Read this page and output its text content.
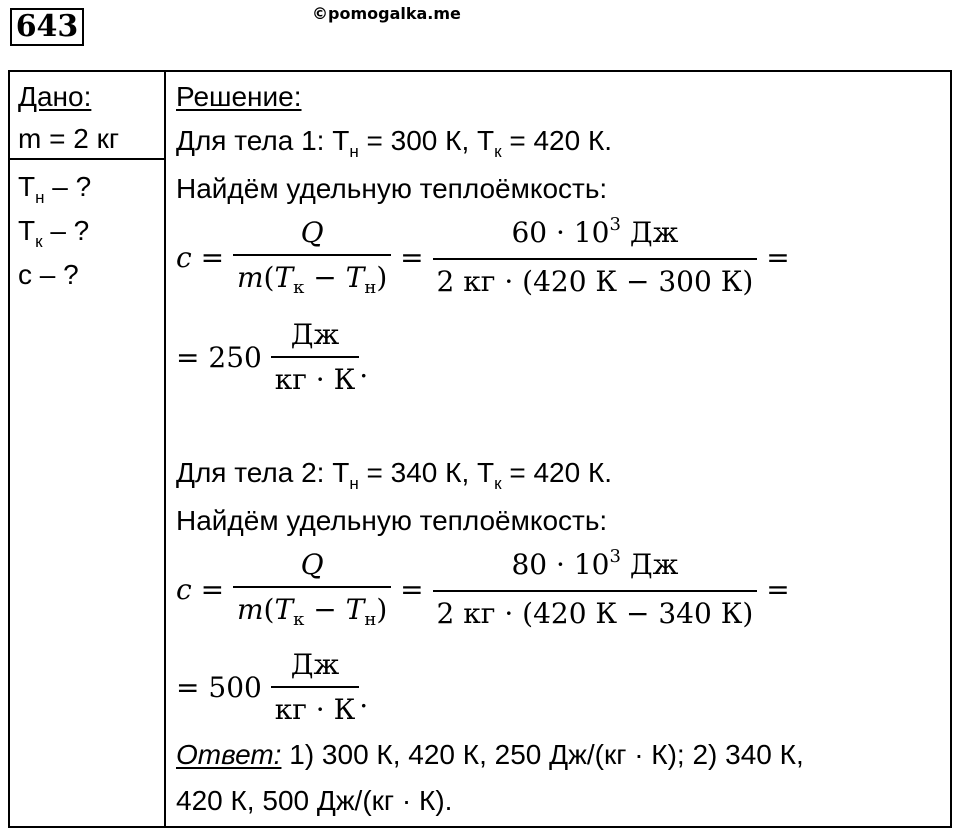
643	©pomogalka.me
Дано:
m = 2 кг
$T_н$ – ?
$T_к$ – ?
c – ?
Решение:
Для тела 1: $T_н = 300$ К, $T_к = 420$ К.
Найдём удельную теплоёмкость:
$c = \frac{Q}{m(T_к - T_н)} = \frac{60 \cdot 10^3 Дж}{2 кг \cdot (420 К - 300 К)}$ =
= 250
$\frac{Дж}{кг \cdot К}$ .
Для тела 2: $T_н = 340$ К, $T_к = 420$ К.
Найдём удельную теплоёмкость:
$c = \frac{Q}{m(T_к - T_н)} = \frac{80 \cdot 10^3 Дж}{2 кг \cdot (420 К - 340 К)}$ =
= 500
$\frac{Дж}{кг \cdot К}$ .
Ответ: 1) 300 К, 420 К, 250 Дж/(кг · К); 2) 340 К,
420 К, 500 Дж/(кг · К).
